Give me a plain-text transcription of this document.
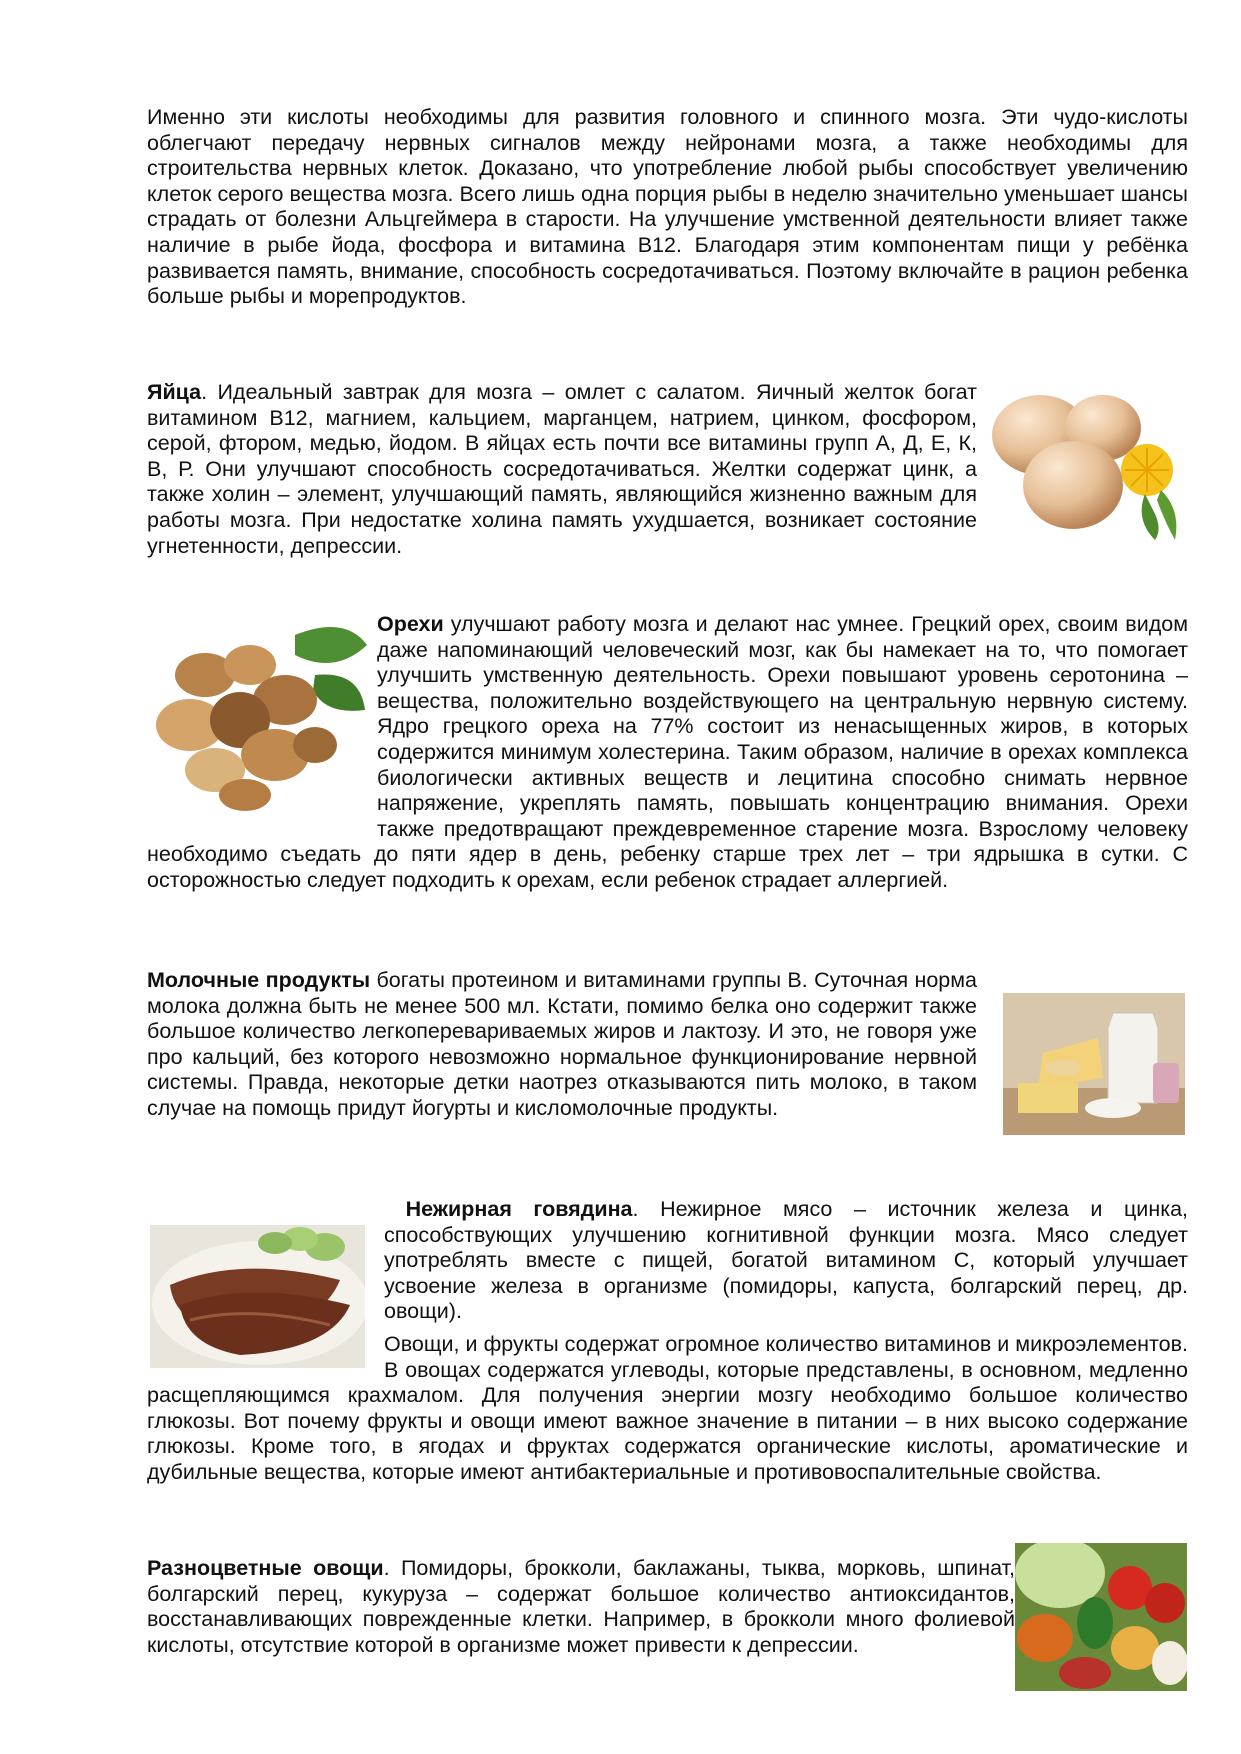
Именно эти кислоты необходимы для развития головного и спинного мозга. Эти чудо-кислоты облегчают передачу нервных сигналов между нейронами мозга, а также необходимы для строительства нервных клеток. Доказано, что употребление любой рыбы способствует увеличению клеток серого вещества мозга. Всего лишь одна порция рыбы в неделю значительно уменьшает шансы страдать от болезни Альцгеймера в старости. На улучшение умственной деятельности влияет также наличие в рыбе йода, фосфора и витамина В12. Благодаря этим компонентам пищи у ребёнка развивается память, внимание, способность сосредотачиваться. Поэтому включайте в рацион ребенка больше рыбы и морепродуктов.

Яйца. Идеальный завтрак для мозга – омлет с салатом. Яичный желток богат витамином В12, магнием, кальцием, марганцем, натрием, цинком, фосфором, серой, фтором, медью, йодом. В яйцах есть почти все витамины групп А, Д, Е, К, В, Р. Они улучшают способность сосредотачиваться. Желтки содержат цинк, а также холин – элемент, улучшающий память, являющийся жизненно важным для работы мозга. При недостатке холина память ухудшается, возникает состояние угнетенности, депрессии.

Орехи улучшают работу мозга и делают нас умнее. Грецкий орех, своим видом даже напоминающий человеческий мозг, как бы намекает на то, что помогает улучшить умственную деятельность. Орехи повышают уровень серотонина – вещества, положительно воздействующего на центральную нервную систему. Ядро грецкого ореха на 77% состоит из ненасыщенных жиров, в которых содержится минимум холестерина. Таким образом, наличие в орехах комплекса биологически активных веществ и лецитина способно снимать нервное напряжение, укреплять память, повышать концентрацию внимания. Орехи также предотвращают преждевременное старение мозга. Взрослому человеку необходимо съедать до пяти ядер в день, ребенку старше трех лет – три ядрышка в сутки. С осторожностью следует подходить к орехам, если ребенок страдает аллергией.

Молочные продукты богаты протеином и витаминами группы В. Суточная норма молока должна быть не менее 500 мл. Кстати, помимо белка оно содержит также большое количество легкоперевариваемых жиров и лактозу. И это, не говоря уже про кальций, без которого невозможно нормальное функционирование нервной системы. Правда, некоторые детки наотрез отказываются пить молоко, в таком случае на помощь придут йогурты и кисломолочные продукты.

Нежирная говядина. Нежирное мясо – источник железа и цинка, способствующих улучшению когнитивной функции мозга. Мясо следует употреблять вместе с пищей, богатой витамином С, который улучшает усвоение железа в организме (помидоры, капуста, болгарский перец, др. овощи).

Овощи, и фрукты содержат огромное количество витаминов и микроэлементов. В овощах содержатся углеводы, которые представлены, в основном, медленно расщепляющимся крахмалом. Для получения энергии мозгу необходимо большое количество глюкозы. Вот почему фрукты и овощи имеют важное значение в питании – в них высоко содержание глюкозы. Кроме того, в ягодах и фруктах содержатся органические кислоты, ароматические и дубильные вещества, которые имеют антибактериальные и противовоспалительные свойства.

Разноцветные овощи. Помидоры, брокколи, баклажаны, тыква, морковь, шпинат, болгарский перец, кукуруза – содержат большое количество антиоксидантов, восстанавливающих поврежденные клетки. Например, в брокколи много фолиевой кислоты, отсутствие которой в организме может привести к депрессии.
